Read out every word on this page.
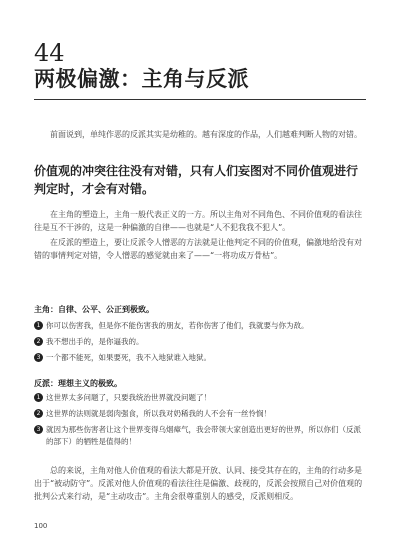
44
两极偏激：主角与反派

前面说到，单纯作恶的反派其实是幼稚的。越有深度的作品，人们越难判断人物的对错。

价值观的冲突往往没有对错，只有人们妄图对不同价值观进行判定时，才会有对错。

在主角的塑造上，主角一般代表正义的一方。所以主角对不同角色、不同价值观的看法往往是互不干涉的，这是一种偏激的自律——也就是“人不犯我我不犯人”。

在反派的塑造上，要让反派令人憎恶的方法就是让他判定不同的价值观，偏激地给没有对错的事情判定对错，令人憎恶的感觉就由来了——“一将功成万骨枯”。

主角：自律、公平、公正到极致。

1 你可以伤害我，但是你不能伤害我的朋友，若你伤害了他们，我就要与你为敌。
2 我不想出手的，是你逼我的。
3 一个都不能死，如果要死，我不入地狱谁入地狱。

反派：理想主义的极致。

1 这世界太多问题了，只要我统治世界就没问题了！
2 这世界的法则就是弱肉强食，所以我对奶稀我的人不会有一丝怜悯！
3 就因为那些伤害者让这个世界变得乌烟瘴气，我会带领大家创造出更好的世界，所以你们（反派的部下）的牺牲是值得的！

总的来说，主角对他人价值观的看法大都是开放、认同、接受其存在的，主角的行动多是出于“被动防守”。反派对他人价值观的看法往往是偏激、歧视的，反派会按照自己对价值观的批判公式来行动，是“主动攻击”。主角会很尊重别人的感受，反派则相反。

100
